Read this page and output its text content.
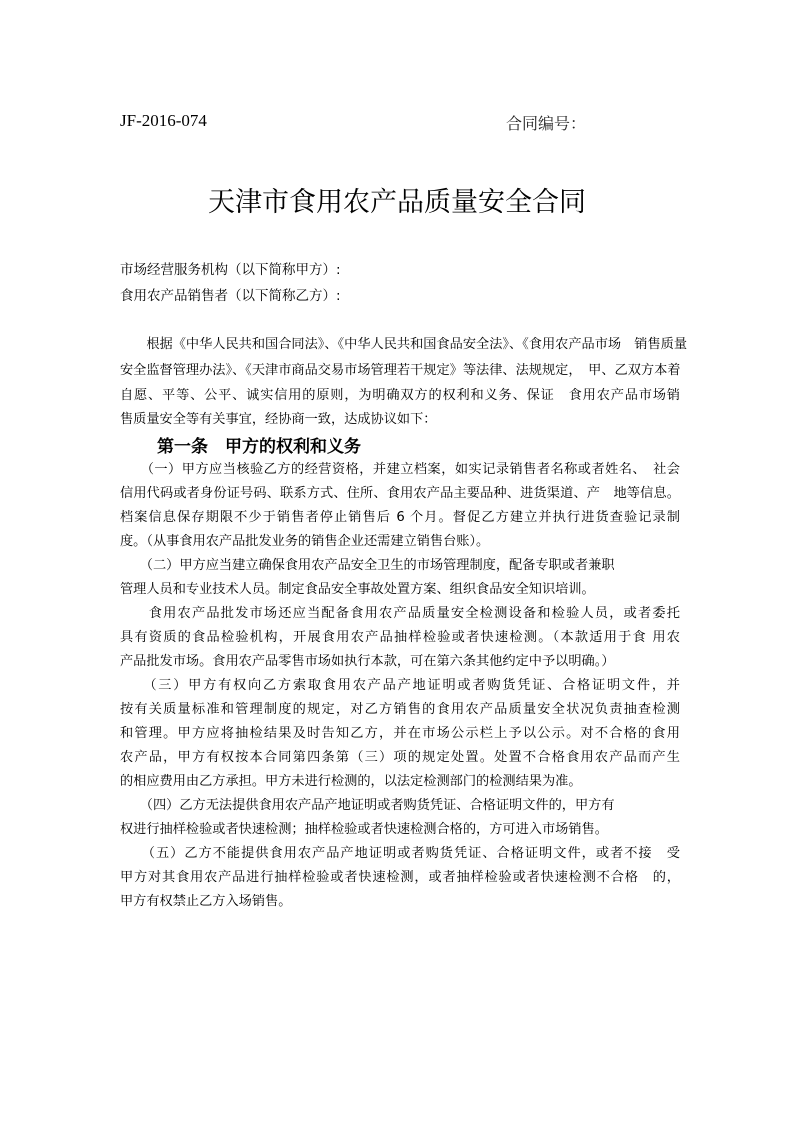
JF-2016-074	合同编号：
天津市食用农产品质量安全合同
市场经营服务机构（以下简称甲方）:
食用农产品销售者（以下简称乙方）:
　　根据《中华人民共和国合同法》、《中华人民共和国食品安全法》、《食用农产品市场　销售质量
安全监督管理办法》、《天津市商品交易市场管理若干规定》等法律、法规规定，　甲、乙双方本着
自愿、平等、公平、诚实信用的原则，为明确双方的权利和义务、保证　食用农产品市场销
售质量安全等有关事宜，经协商一致，达成协议如下：
第一条　甲方的权利和义务
　　（一）甲方应当核验乙方的经营资格，并建立档案，如实记录销售者名称或者姓名、　社会
信用代码或者身份证号码、联系方式、住所、食用农产品主要品种、进货渠道、产　地等信息。
档案信息保存期限不少于销售者停止销售后 6 个月。督促乙方建立并执行进货查验记录制
度。（从事食用农产品批发业务的销售企业还需建立销售台账）。
　　（二）甲方应当建立确保食用农产品安全卫生的市场管理制度，配备专职或者兼职
管理人员和专业技术人员。制定食品安全事故处置方案、组织食品安全知识培训。
　　食用农产品批发市场还应当配备食用农产品质量安全检测设备和检验人员，或者委托
具有资质的食品检验机构，开展食用农产品抽样检验或者快速检测。（本款适用于食 用农
产品批发市场。食用农产品零售市场如执行本款，可在第六条其他约定中予以明确。）
　　（三）甲方有权向乙方索取食用农产品产地证明或者购货凭证、合格证明文件，并
按有关质量标准和管理制度的规定，对乙方销售的食用农产品质量安全状况负责抽查检测
和管理。甲方应将抽检结果及时告知乙方，并在市场公示栏上予以公示。对不合格的食用
农产品，甲方有权按本合同第四条第（三）项的规定处置。处置不合格食用农产品而产生
的相应费用由乙方承担。甲方未进行检测的，以法定检测部门的检测结果为准。
　　（四）乙方无法提供食用农产品产地证明或者购货凭证、合格证明文件的，甲方有
权进行抽样检验或者快速检测；抽样检验或者快速检测合格的，方可进入市场销售。
　　（五）乙方不能提供食用农产品产地证明或者购货凭证、合格证明文件，或者不接　受
甲方对其食用农产品进行抽样检验或者快速检测，或者抽样检验或者快速检测不合格　的，
甲方有权禁止乙方入场销售。
